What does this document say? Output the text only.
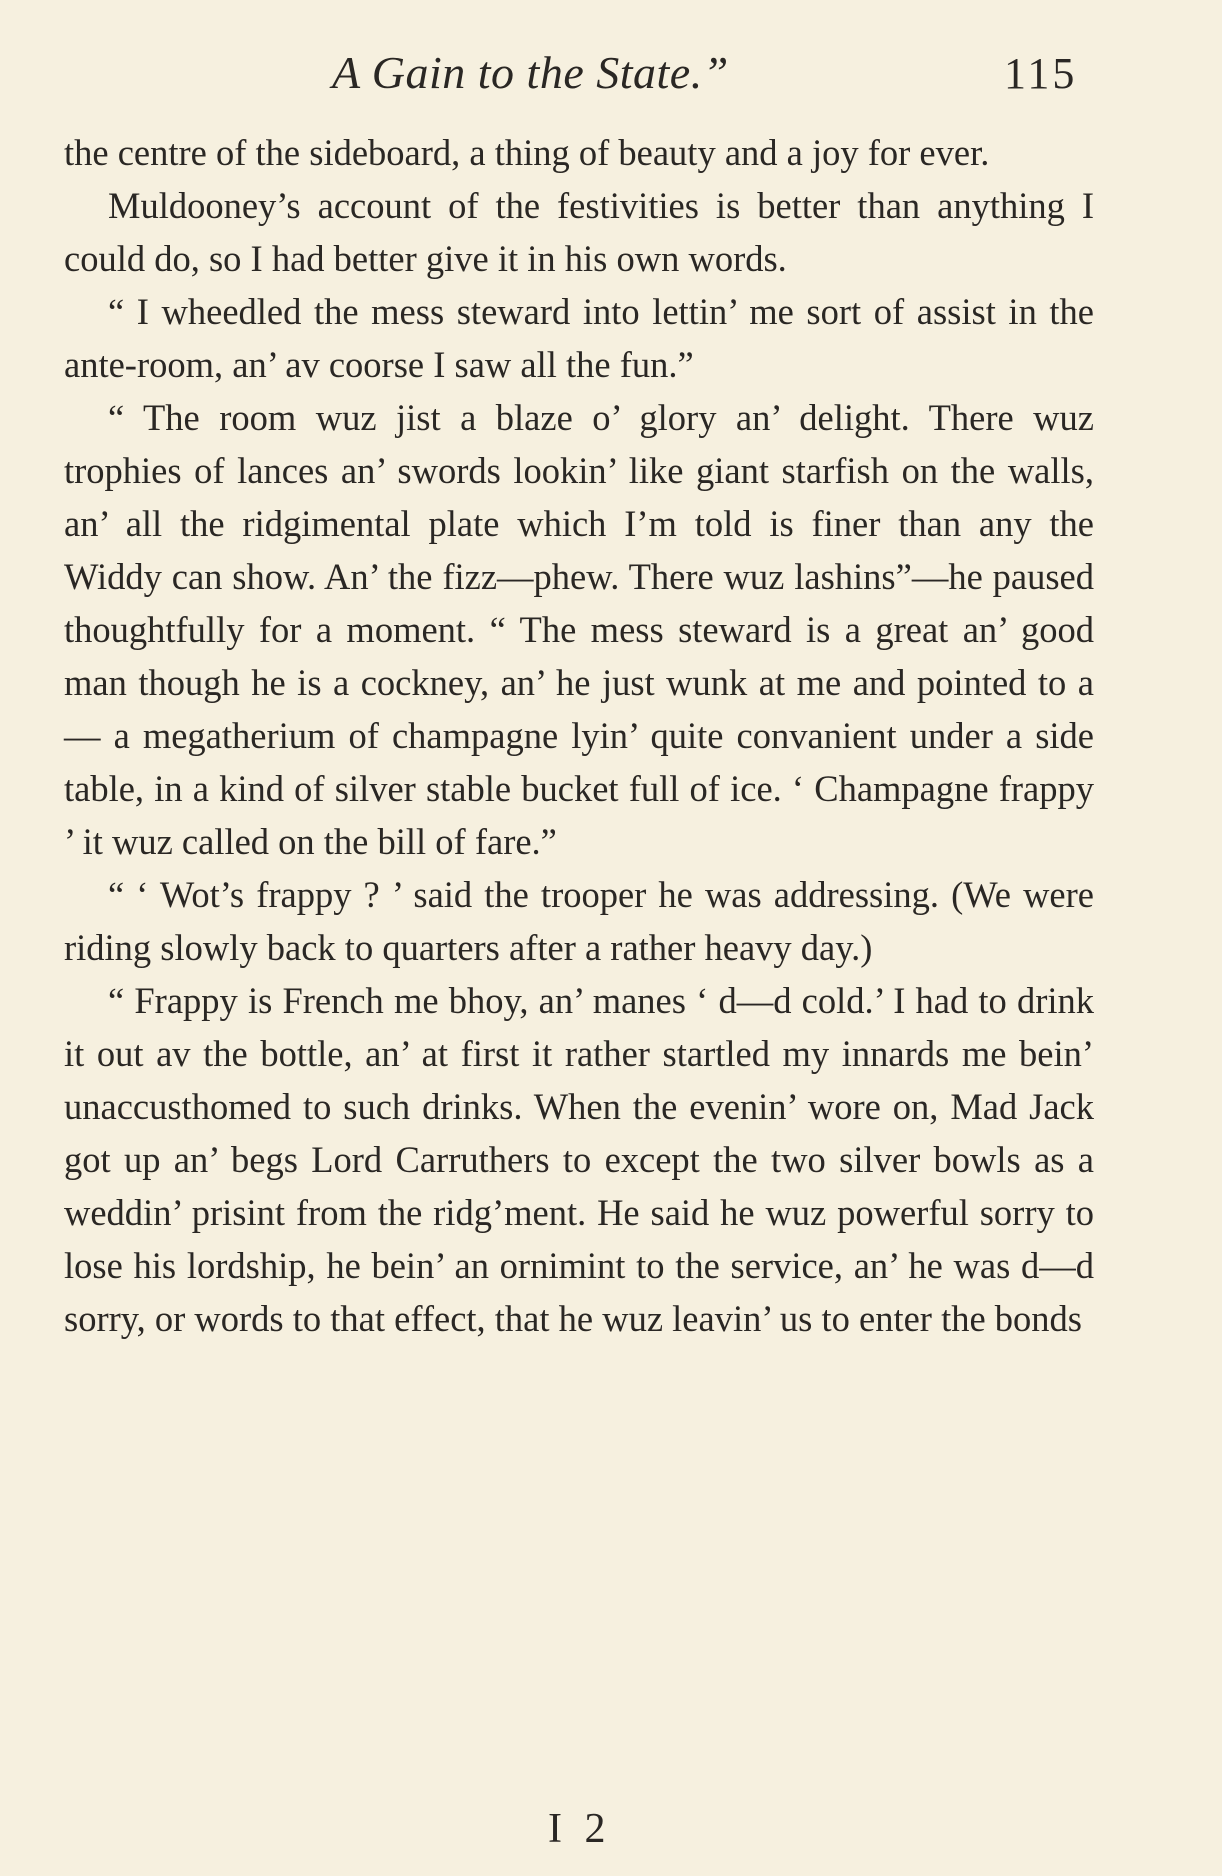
A Gain to the State.”	115

the centre of the sideboard, a thing of beauty and a joy for ever.

Muldooney’s account of the festivities is better than anything I could do, so I had better give it in his own words.

“ I wheedled the mess steward into lettin’ me sort of assist in the ante-room, an’ av coorse I saw all the fun.”

“ The room wuz jist a blaze o’ glory an’ delight. There wuz trophies of lances an’ swords lookin’ like giant starfish on the walls, an’ all the ridgimental plate which I’m told is finer than any the Widdy can show. An’ the fizz—phew. There wuz lashins”—he paused thoughtfully for a moment. “ The mess steward is a great an’ good man though he is a cockney, an’ he just wunk at me and pointed to a— a megatherium of champagne lyin’ quite convanient under a side table, in a kind of silver stable bucket full of ice. ‘ Champagne frappy ’ it wuz called on the bill of fare.”

“ ‘ Wot’s frappy ? ’ said the trooper he was addressing. (We were riding slowly back to quarters after a rather heavy day.)

“ Frappy is French me bhoy, an’ manes ‘ d—d cold.’ I had to drink it out av the bottle, an’ at first it rather startled my innards me bein’ unaccusthomed to such drinks. When the evenin’ wore on, Mad Jack got up an’ begs Lord Carruthers to except the two silver bowls as a weddin’ prisint from the ridg’ment. He said he wuz powerful sorry to lose his lordship, he bein’ an ornimint to the service, an’ he was d—d sorry, or words to that effect, that he wuz leavin’ us to enter the bonds

I 2
